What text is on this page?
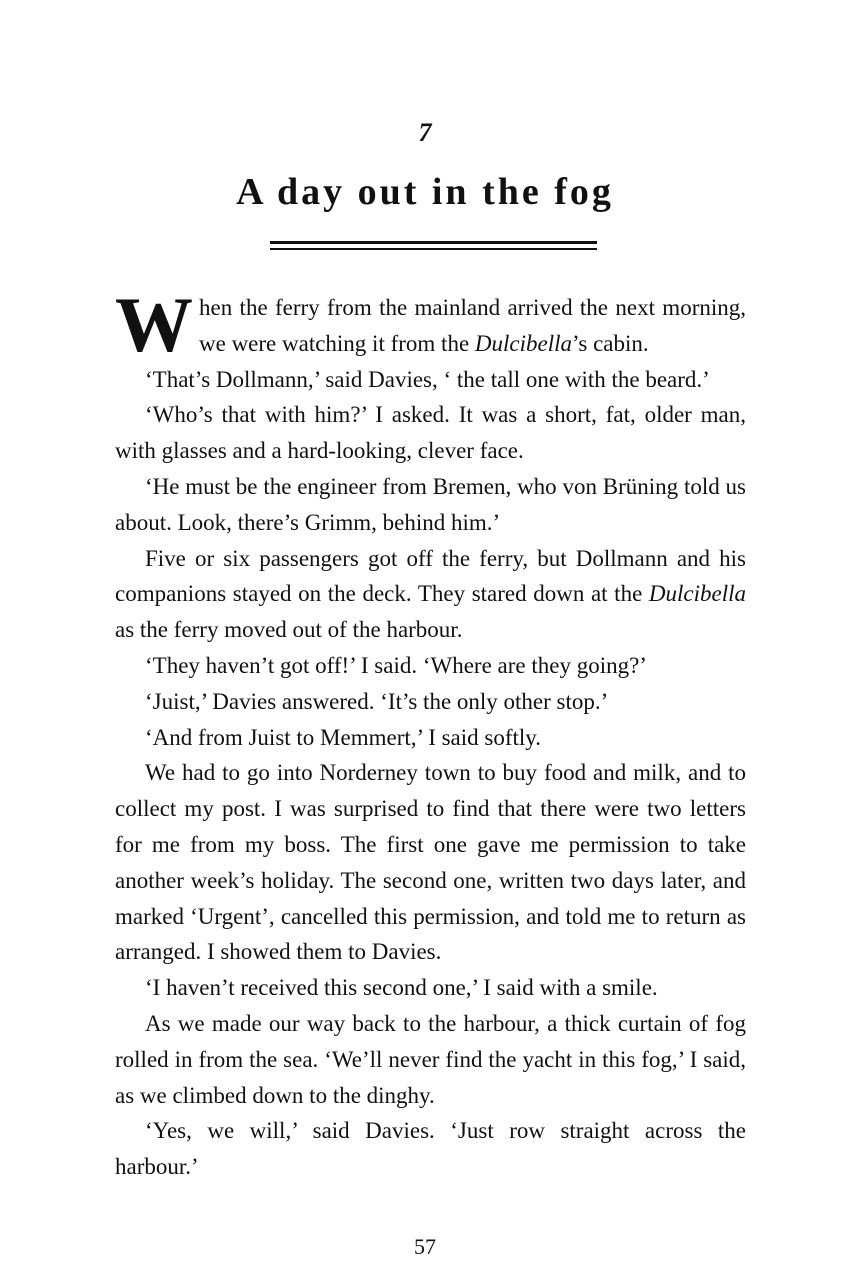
7
A day out in the fog

When the ferry from the mainland arrived the next morning, we were watching it from the Dulcibella’s cabin.

‘That’s Dollmann,’ said Davies, ‘ the tall one with the beard.’

‘Who’s that with him?’ I asked. It was a short, fat, older man, with glasses and a hard-looking, clever face.

‘He must be the engineer from Bremen, who von Brüning told us about. Look, there’s Grimm, behind him.’

Five or six passengers got off the ferry, but Dollmann and his companions stayed on the deck. They stared down at the Dulcibella as the ferry moved out of the harbour.

‘They haven’t got off!’ I said. ‘Where are they going?’

‘Juist,’ Davies answered. ‘It’s the only other stop.’

‘And from Juist to Memmert,’ I said softly.

We had to go into Norderney town to buy food and milk, and to collect my post. I was surprised to find that there were two letters for me from my boss. The first one gave me permission to take another week’s holiday. The second one, written two days later, and marked ‘Urgent’, cancelled this permission, and told me to return as arranged. I showed them to Davies.

‘I haven’t received this second one,’ I said with a smile.

As we made our way back to the harbour, a thick curtain of fog rolled in from the sea. ‘We’ll never find the yacht in this fog,’ I said, as we climbed down to the dinghy.

‘Yes, we will,’ said Davies. ‘Just row straight across the harbour.’

57
